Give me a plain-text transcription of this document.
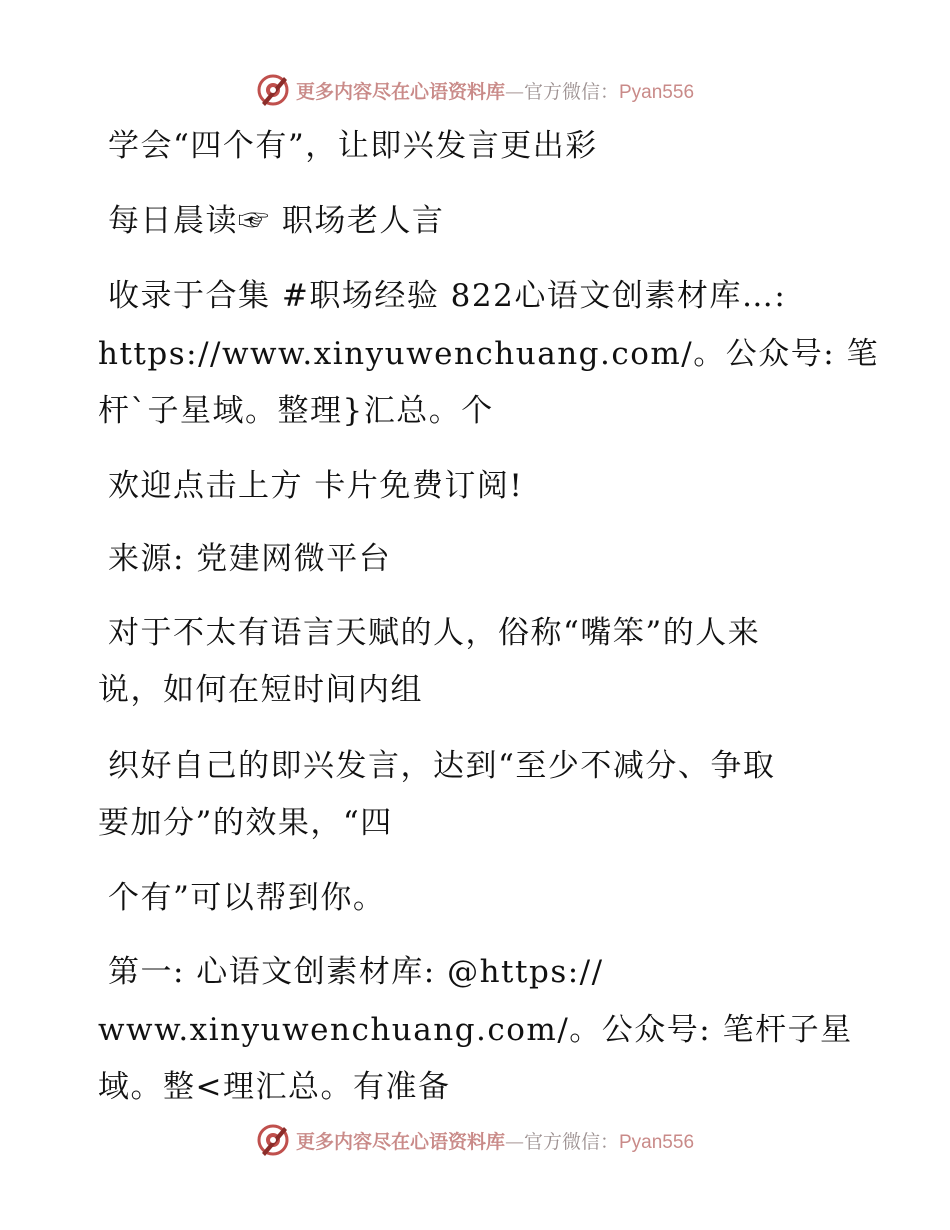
更多内容尽在心语资料库—官方微信：Pyan556
学会“四个有”，让即兴发言更出彩
每日晨读☞ 职场老人言
收录于合集 #职场经验 822心语文创素材库…:
https://www.xinyuwenchuang.com/。公众号: 笔
杆`子星域。整理}汇总。个
欢迎点击上方 卡片免费订阅!
来源: 党建网微平台
对于不太有语言天赋的人，俗称“嘴笨”的人来
说，如何在短时间内组
织好自己的即兴发言，达到“至少不减分、争取
要加分”的效果，“四
个有”可以帮到你。
第一: 心语文创素材库: @https://
www.xinyuwenchuang.com/。公众号: 笔杆子星
域。整<理汇总。有准备
更多内容尽在心语资料库—官方微信：Pyan556
